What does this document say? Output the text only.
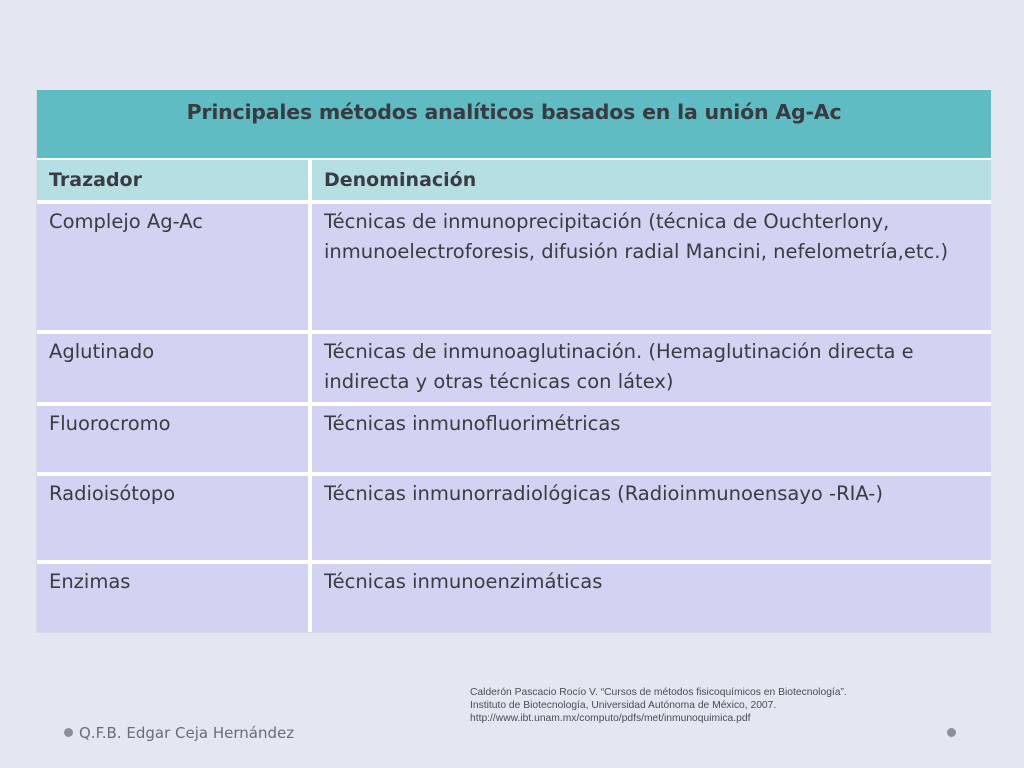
Principales métodos analíticos basados en la unión Ag-Ac
Trazador	Denominación
Complejo Ag-Ac	Técnicas de inmunoprecipitación (técnica de Ouchterlony, inmunoelectroforesis, difusión radial Mancini, nefelometría,etc.)
Aglutinado	Técnicas de inmunoaglutinación. (Hemaglutinación directa e indirecta y otras técnicas con látex)
Fluorocromo	Técnicas inmunofluorimétricas
Radioisótopo	Técnicas inmunorradiológicas (Radioinmunoensayo -RIA-)
Enzimas	Técnicas inmunoenzimáticas
Calderón Pascacio Rocío V. “Cursos de métodos fisicoquímicos en Biotecnología”.
Instituto de Biotecnología, Universidad Autónoma de México, 2007.
http://www.ibt.unam.mx/computo/pdfs/met/inmunoquimica.pdf
Q.F.B. Edgar Ceja Hernández
